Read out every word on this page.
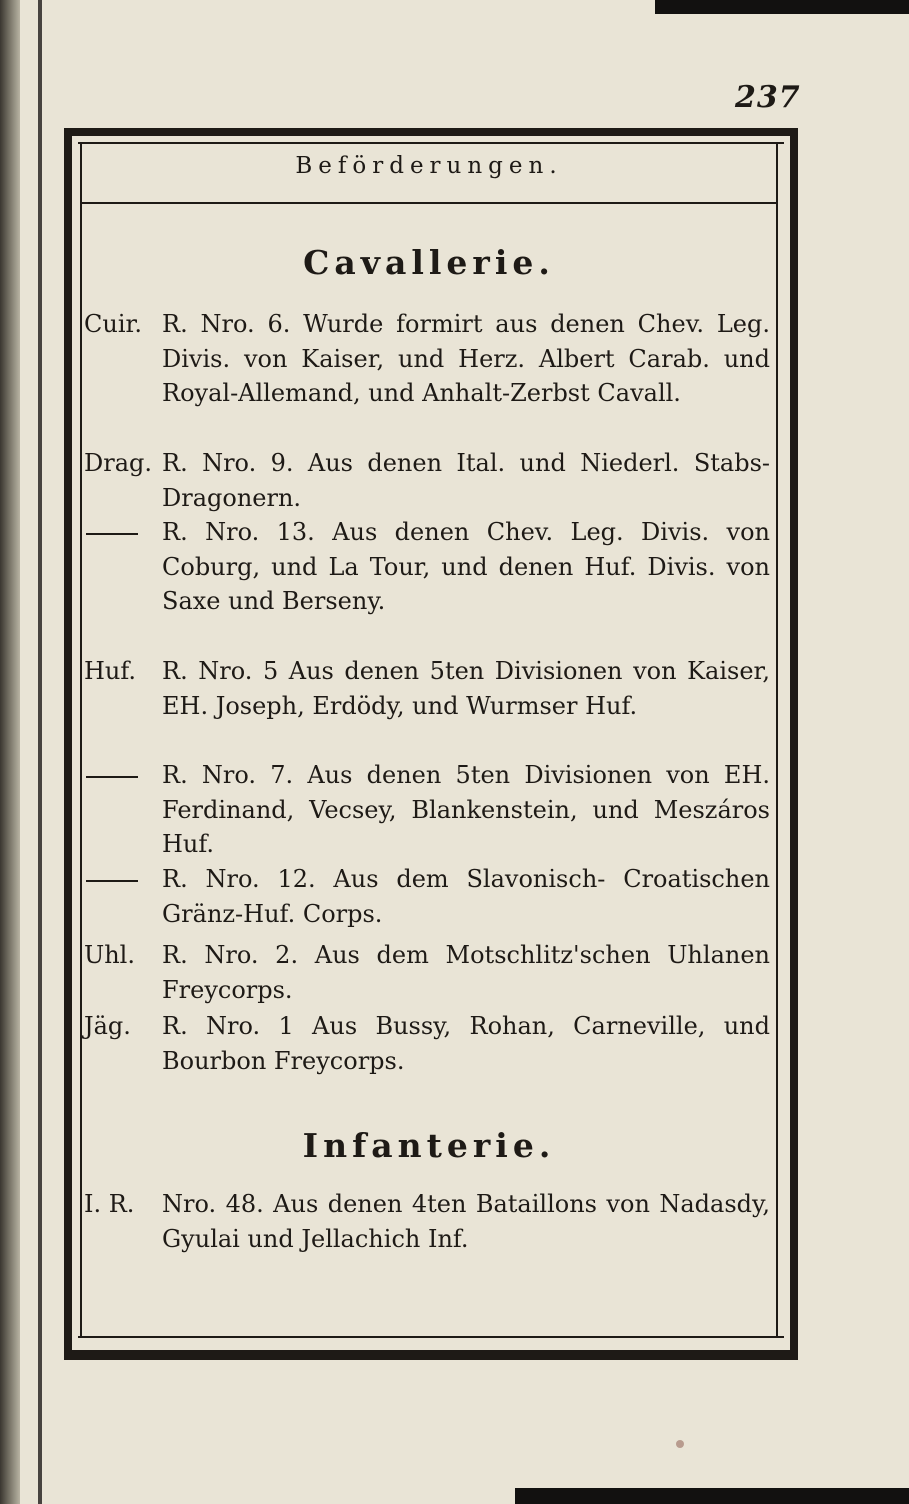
237
Beförderungen.
Cavallerie.
Cuir. R. Nro. 6. Wurde formirt aus denen Chev. Leg. Divis. von Kaiser, und Herz. Albert Carab. und Royal-Allemand, und Anhalt-Zerbst Cavall.
Drag. R. Nro. 9. Aus denen Ital. und Niederl. Stabs-Dragonern.
R. Nro. 13. Aus denen Chev. Leg. Divis. von Coburg, und La Tour, und denen Huf. Divis. von Saxe und Berseny.
Huf. R. Nro. 5 Aus denen 5ten Divisionen von Kaiser, EH. Joseph, Erdödy, und Wurmser Huf.
R. Nro. 7. Aus denen 5ten Divisionen von EH. Ferdinand, Vecsey, Blankenstein, und Meszáros Huf.
R. Nro. 12. Aus dem Slavonisch- Croatischen Gränz-Huf. Corps.
Uhl. R. Nro. 2. Aus dem Motschlitz'schen Uhlanen Freycorps.
Jäg. R. Nro. 1 Aus Bussy, Rohan, Carneville, und Bourbon Freycorps.
Infanterie.
I. R. Nro. 48. Aus denen 4ten Bataillons von Nadasdy, Gyulai und Jellachich Inf.
